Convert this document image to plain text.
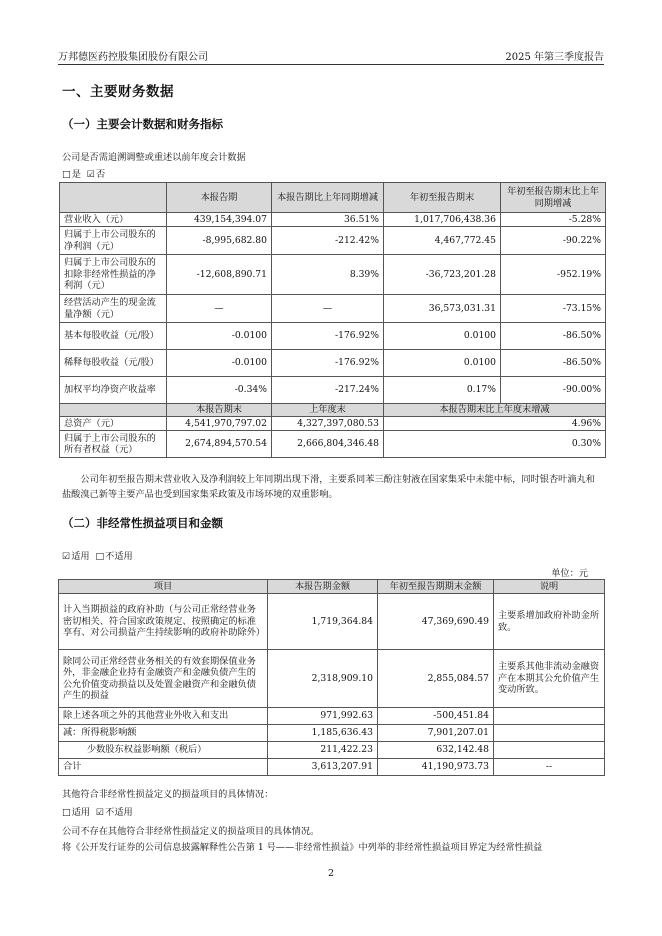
万邦德医药控股集团股份有限公司	2025 年第三季度报告
一、主要财务数据
（一）主要会计数据和财务指标
公司是否需追溯调整或重述以前年度会计数据
□是 ☑否
	本报告期	本报告期比上年同期增减	年初至报告期末	年初至报告期末比上年同期增减
营业收入（元）	439,154,394.07	36.51%	1,017,706,438.36	-5.28%
归属于上市公司股东的净利润（元）	-8,995,682.80	-212.42%	4,467,772.45	-90.22%
归属于上市公司股东的扣除非经常性损益的净利润（元）	-12,608,890.71	8.39%	-36,723,201.28	-952.19%
经营活动产生的现金流量净额（元）	—	—	36,573,031.31	-73.15%
基本每股收益（元/股）	-0.0100	-176.92%	0.0100	-86.50%
稀释每股收益（元/股）	-0.0100	-176.92%	0.0100	-86.50%
加权平均净资产收益率	-0.34%	-217.24%	0.17%	-90.00%
	本报告期末	上年度末	本报告期末比上年度末增减	
总资产（元）	4,541,970,797.02	4,327,397,080.53	4.96%	
归属于上市公司股东的所有者权益（元）	2,674,894,570.54	2,666,804,346.48	0.30%	
公司年初至报告期末营业收入及净利润较上年同期出现下滑，主要系同苯三酚注射液在国家集采中未能中标，同时银杏叶滴丸和盐酸溴己新等主要产品也受到国家集采政策及市场环境的双重影响。
（二）非经常性损益项目和金额
☑适用 □不适用
单位：元
项目	本报告期金额	年初至报告期期末金额	说明
计入当期损益的政府补助（与公司正常经营业务密切相关、符合国家政策规定、按照确定的标准享有、对公司损益产生持续影响的政府补助除外）	1,719,364.84	47,369,690.49	主要系增加政府补助金所致。
除同公司正常经营业务相关的有效套期保值业务外，非金融企业持有金融资产和金融负债产生的公允价值变动损益以及处置金融资产和金融负债产生的损益	2,318,909.10	2,855,084.57	主要系其他非流动金融资产在本期其公允价值产生变动所致。
除上述各项之外的其他营业外收入和支出	971,992.63	-500,451.84	
减：所得税影响额	1,185,636.43	7,901,207.01	
少数股东权益影响额（税后）	211,422.23	632,142.48	
合计	3,613,207.91	41,190,973.73	--
其他符合非经常性损益定义的损益项目的具体情况：
□适用 ☑不适用
公司不存在其他符合非经常性损益定义的损益项目的具体情况。
将《公开发行证券的公司信息披露解释性公告第 1 号——非经常性损益》中列举的非经常性损益项目界定为经常性损益
2
